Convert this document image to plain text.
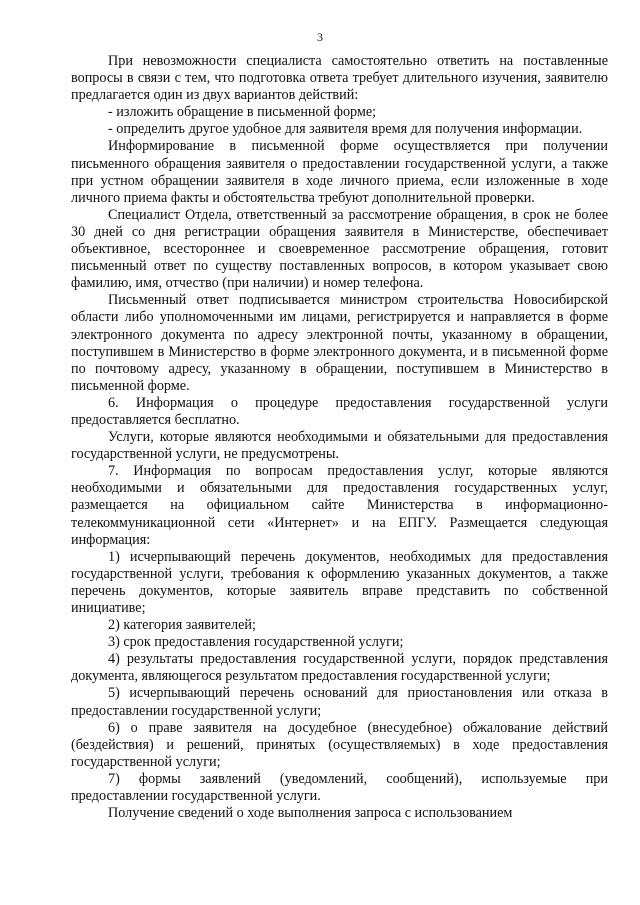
3

При невозможности специалиста самостоятельно ответить на поставленные вопросы в связи с тем, что подготовка ответа требует длительного изучения, заявителю предлагается один из двух вариантов действий:

- изложить обращение в письменной форме;

- определить другое удобное для заявителя время для получения информации.

Информирование в письменной форме осуществляется при получении письменного обращения заявителя о предоставлении государственной услуги, а также при устном обращении заявителя в ходе личного приема, если изложенные в ходе личного приема факты и обстоятельства требуют дополнительной проверки.

Специалист Отдела, ответственный за рассмотрение обращения, в срок не более 30 дней со дня регистрации обращения заявителя в Министерстве, обеспечивает объективное, всестороннее и своевременное рассмотрение обращения, готовит письменный ответ по существу поставленных вопросов, в котором указывает свою фамилию, имя, отчество (при наличии) и номер телефона.

Письменный ответ подписывается министром строительства Новосибирской области либо уполномоченными им лицами, регистрируется и направляется в форме электронного документа по адресу электронной почты, указанному в обращении, поступившем в Министерство в форме электронного документа, и в письменной форме по почтовому адресу, указанному в обращении, поступившем в Министерство в письменной форме.

6. Информация о процедуре предоставления государственной услуги предоставляется бесплатно.

Услуги, которые являются необходимыми и обязательными для предоставления государственной услуги, не предусмотрены.

7. Информация по вопросам предоставления услуг, которые являются необходимыми и обязательными для предоставления государственных услуг, размещается на официальном сайте Министерства в информационно-телекоммуникационной сети «Интернет» и на ЕПГУ. Размещается следующая информация:

1) исчерпывающий перечень документов, необходимых для предоставления государственной услуги, требования к оформлению указанных документов, а также перечень документов, которые заявитель вправе представить по собственной инициативе;

2) категория заявителей;

3) срок предоставления государственной услуги;

4) результаты предоставления государственной услуги, порядок представления документа, являющегося результатом предоставления государственной услуги;

5) исчерпывающий перечень оснований для приостановления или отказа в предоставлении государственной услуги;

6) о праве заявителя на досудебное (внесудебное) обжалование действий (бездействия) и решений, принятых (осуществляемых) в ходе предоставления государственной услуги;

7) формы заявлений (уведомлений, сообщений), используемые при предоставлении государственной услуги.

Получение сведений о ходе выполнения запроса с использованием
